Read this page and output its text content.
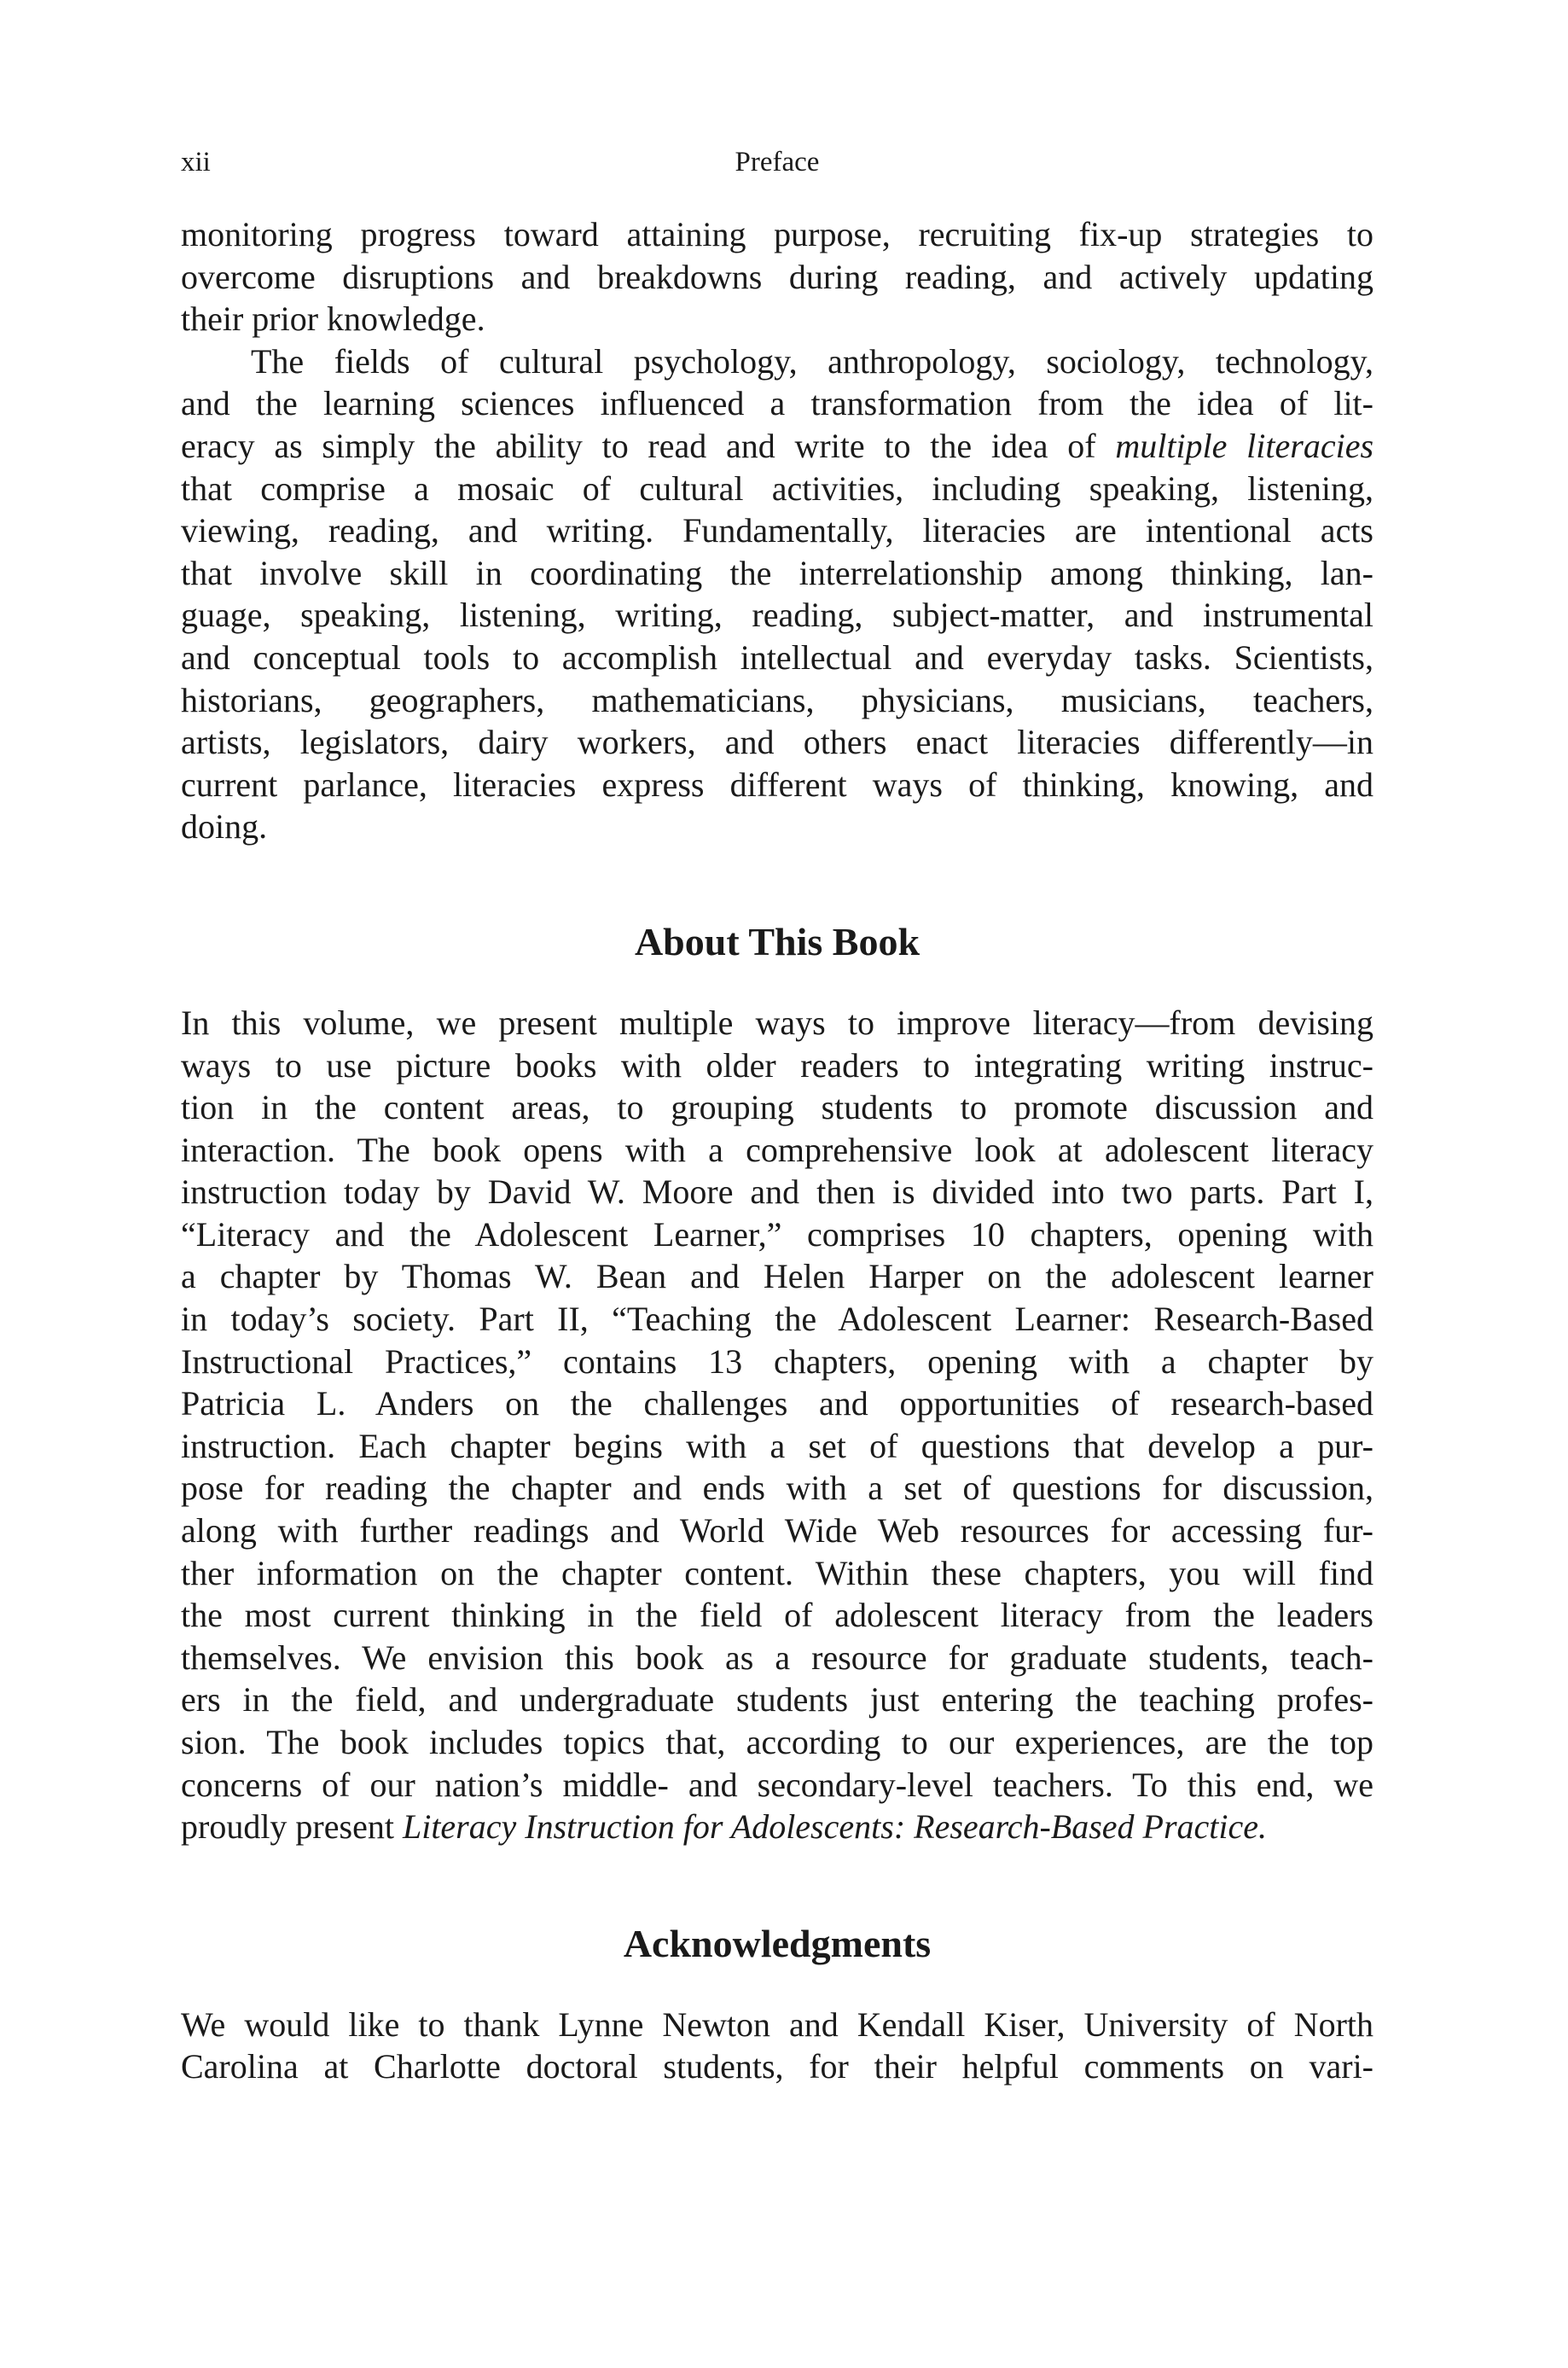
xii	Preface

monitoring progress toward attaining purpose, recruiting fix-up strategies to
overcome disruptions and breakdowns during reading, and actively updating
their prior knowledge.

The fields of cultural psychology, anthropology, sociology, technology,
and the learning sciences influenced a transformation from the idea of lit-
eracy as simply the ability to read and write to the idea of multiple literacies
that comprise a mosaic of cultural activities, including speaking, listening,
viewing, reading, and writing. Fundamentally, literacies are intentional acts
that involve skill in coordinating the interrelationship among thinking, lan-
guage, speaking, listening, writing, reading, subject-matter, and instrumental
and conceptual tools to accomplish intellectual and everyday tasks. Scientists,
historians, geographers, mathematicians, physicians, musicians, teachers,
artists, legislators, dairy workers, and others enact literacies differently—in
current parlance, literacies express different ways of thinking, knowing, and
doing.

About This Book

In this volume, we present multiple ways to improve literacy—from devising
ways to use picture books with older readers to integrating writing instruc-
tion in the content areas, to grouping students to promote discussion and
interaction. The book opens with a comprehensive look at adolescent literacy
instruction today by David W. Moore and then is divided into two parts. Part I,
“Literacy and the Adolescent Learner,” comprises 10 chapters, opening with
a chapter by Thomas W. Bean and Helen Harper on the adolescent learner
in today’s society. Part II, “Teaching the Adolescent Learner: Research-Based
Instructional Practices,” contains 13 chapters, opening with a chapter by
Patricia L. Anders on the challenges and opportunities of research-based
instruction. Each chapter begins with a set of questions that develop a pur-
pose for reading the chapter and ends with a set of questions for discussion,
along with further readings and World Wide Web resources for accessing fur-
ther information on the chapter content. Within these chapters, you will find
the most current thinking in the field of adolescent literacy from the leaders
themselves. We envision this book as a resource for graduate students, teach-
ers in the field, and undergraduate students just entering the teaching profes-
sion. The book includes topics that, according to our experiences, are the top
concerns of our nation’s middle- and secondary-level teachers. To this end, we
proudly present Literacy Instruction for Adolescents: Research-Based Practice.

Acknowledgments

We would like to thank Lynne Newton and Kendall Kiser, University of North
Carolina at Charlotte doctoral students, for their helpful comments on vari-
